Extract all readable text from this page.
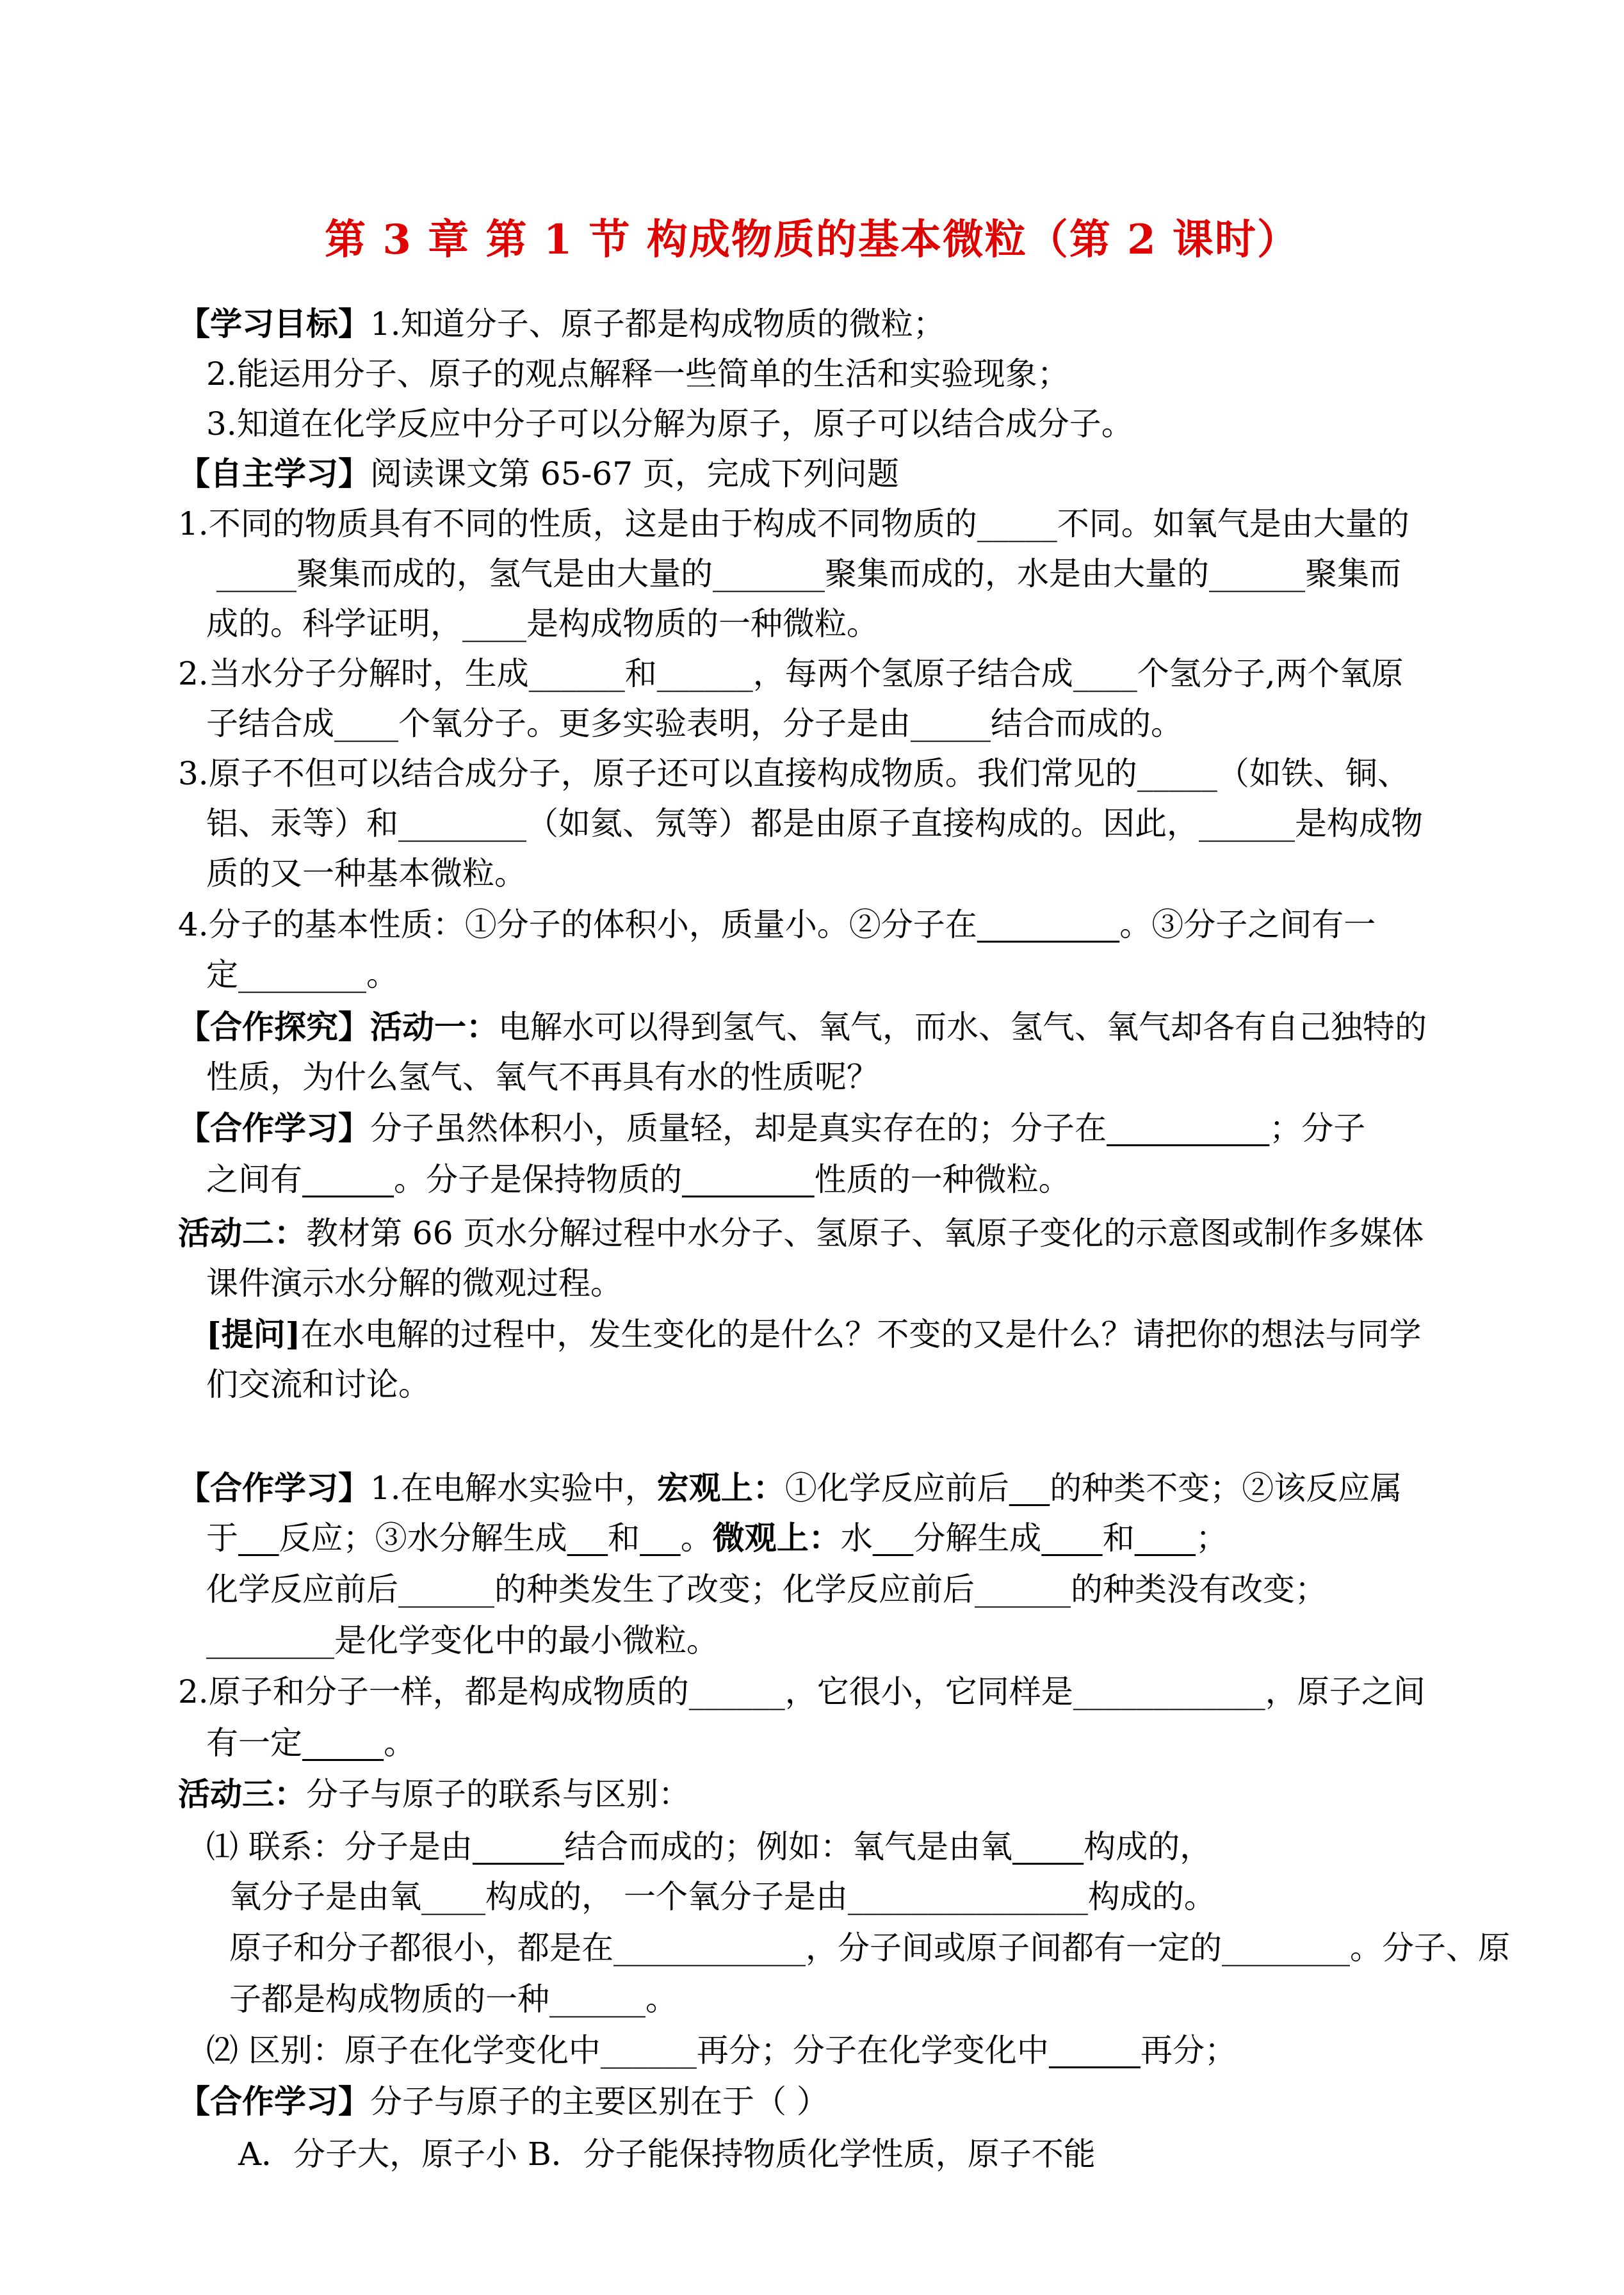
第 3 章 第 1 节 构成物质的基本微粒（第 2 课时）
【学习目标】1.知道分子、原子都是构成物质的微粒；
2.能运用分子、原子的观点解释一些简单的生活和实验现象；
3.知道在化学反应中分子可以分解为原子，原子可以结合成分子。
【自主学习】阅读课文第 65-67 页，完成下列问题
1.不同的物质具有不同的性质，这是由于构成不同物质的_____不同。如氧气是由大量的
_____聚集而成的，氢气是由大量的_______聚集而成的，水是由大量的______聚集而
成的。科学证明，____是构成物质的一种微粒。
2.当水分子分解时，生成______和______，每两个氢原子结合成____个氢分子,两个氧原
子结合成____个氧分子。更多实验表明，分子是由_____结合而成的。
3.原子不但可以结合成分子，原子还可以直接构成物质。我们常见的_____（如铁、铜、
铝、汞等）和________（如氦、氖等）都是由原子直接构成的。因此，______是构成物
质的又一种基本微粒。
4.分子的基本性质：①分子的体积小，质量小。②分子在	。③分子之间有一
定________。
【合作探究】活动一：电解水可以得到氢气、氧气，而水、氢气、氧气却各有自己独特的
性质，为什么氢气、氧气不再具有水的性质呢？
【合作学习】分子虽然体积小，质量轻，却是真实存在的；分子在	；分子
之间有	。分子是保持物质的	性质的一种微粒。
活动二：教材第 66 页水分解过程中水分子、氢原子、氧原子变化的示意图或制作多媒体
课件演示水分解的微观过程。
[提问]在水电解的过程中，发生变化的是什么？不变的又是什么？请把你的想法与同学
们交流和讨论。
【合作学习】1.在电解水实验中，宏观上：①化学反应前后 的种类不变；②该反应属
于 反应；③水分解生成 和 。微观上：水 分解生成 和 ；
化学反应前后______的种类发生了改变；化学反应前后______的种类没有改变；
________是化学变化中的最小微粒。
2.原子和分子一样，都是构成物质的______，它很小，它同样是____________，原子之间
有一定	。
活动三：分子与原子的联系与区别：
⑴ 联系：分子是由	结合而成的；例如：氧气是由氧 构成的，
氧分子是由氧____构成的， 一个氧分子是由_______________构成的。
原子和分子都很小，都是在____________，分子间或原子间都有一定的________。分子、原
子都是构成物质的一种______。
⑵ 区别：原子在化学变化中______再分；分子在化学变化中	再分；
【合作学习】分子与原子的主要区别在于（ ）
A．分子大，原子小 B．分子能保持物质化学性质，原子不能
